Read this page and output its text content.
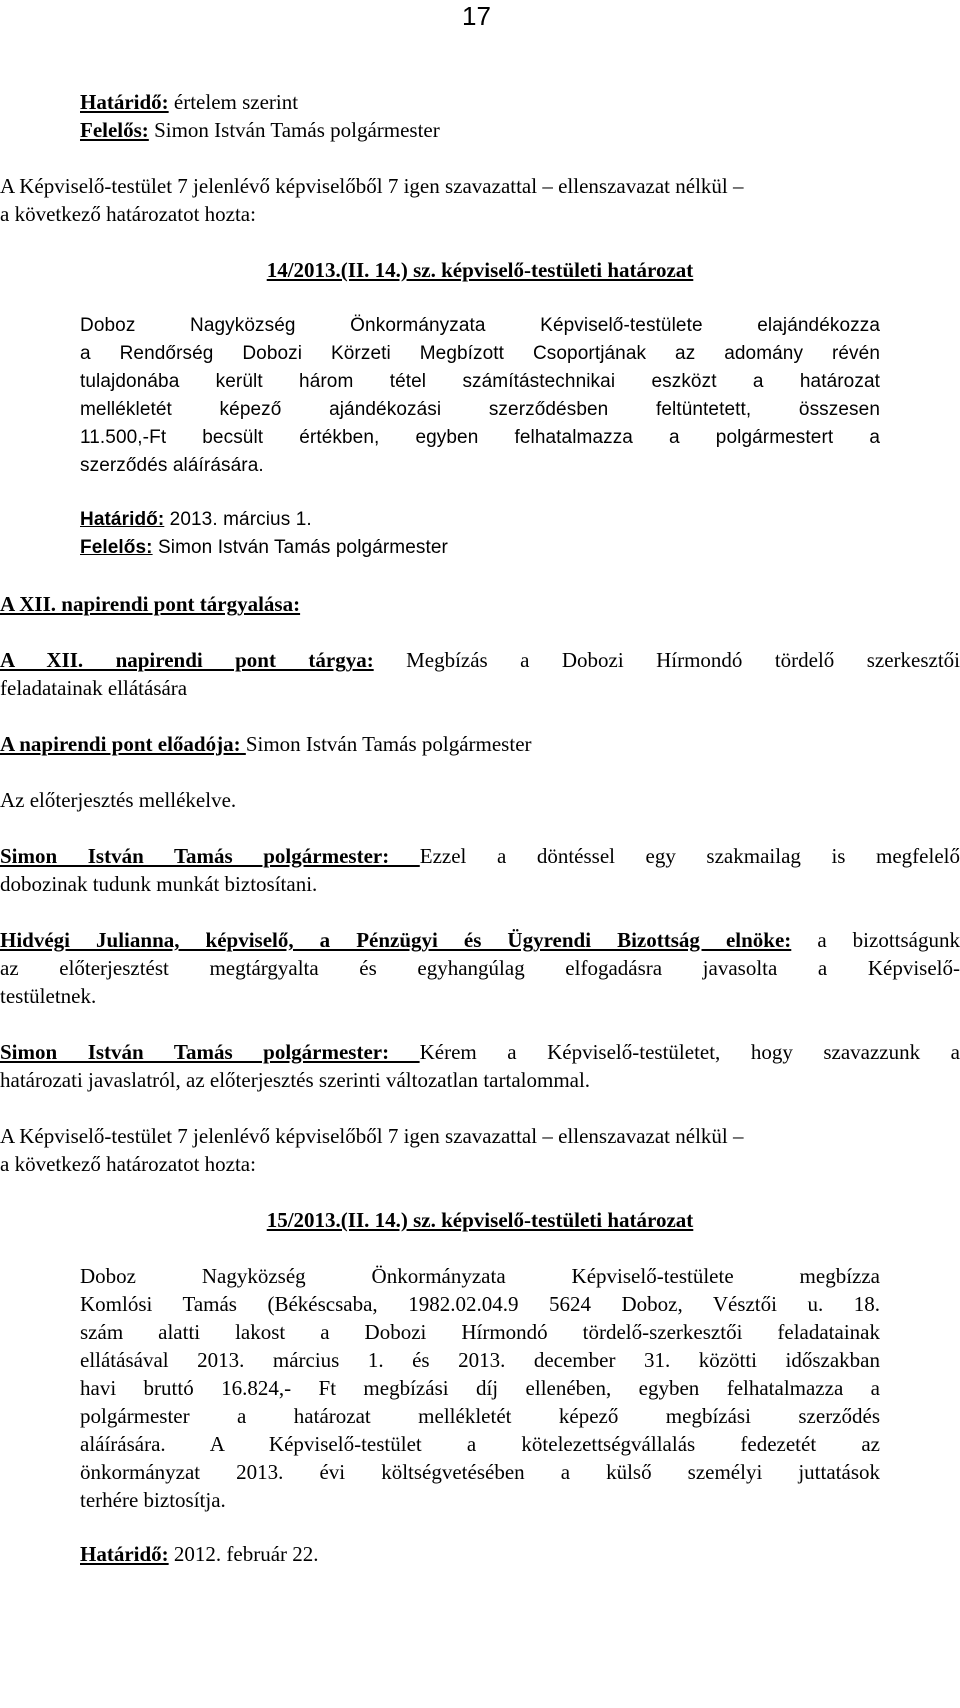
17
Határidő: értelem szerint
Felelős: Simon István Tamás polgármester
A Képviselő-testület 7 jelenlévő képviselőből 7 igen szavazattal – ellenszavazat nélkül –
a következő határozatot hozta:
14/2013.(II. 14.) sz. képviselő-testületi határozat
Doboz Nagyközség Önkormányzata Képviselő-testülete elajándékozza
a Rendőrség Dobozi Körzeti Megbízott Csoportjának az adomány révén
tulajdonába került három tétel számítástechnikai eszközt a határozat
mellékletét képező ajándékozási szerződésben feltüntetett, összesen
11.500,-Ft becsült értékben, egyben felhatalmazza a polgármestert a
szerződés aláírására.
Határidő: 2013. március 1.
Felelős: Simon István Tamás polgármester
A XII. napirendi pont tárgyalása:
A XII. napirendi pont tárgya: Megbízás a Dobozi Hírmondó tördelő szerkesztői
feladatainak ellátására
A napirendi pont előadója: Simon István Tamás polgármester
Az előterjesztés mellékelve.
Simon István Tamás polgármester: Ezzel a döntéssel egy szakmailag is megfelelő
dobozinak tudunk munkát biztosítani.
Hidvégi Julianna, képviselő, a Pénzügyi és Ügyrendi Bizottság elnöke: a bizottságunk
az előterjesztést megtárgyalta és egyhangúlag elfogadásra javasolta a Képviselő-
testületnek.
Simon István Tamás polgármester: Kérem a Képviselő-testületet, hogy szavazzunk a
határozati javaslatról, az előterjesztés szerinti változatlan tartalommal.
A Képviselő-testület 7 jelenlévő képviselőből 7 igen szavazattal – ellenszavazat nélkül –
a következő határozatot hozta:
15/2013.(II. 14.) sz. képviselő-testületi határozat
Doboz Nagyközség Önkormányzata Képviselő-testülete megbízza
Komlósi Tamás (Békéscsaba, 1982.02.04.9 5624 Doboz, Vésztői u. 18.
szám alatti lakost a Dobozi Hírmondó tördelő-szerkesztői feladatainak
ellátásával 2013. március 1. és 2013. december 31. közötti időszakban
havi bruttó 16.824,- Ft megbízási díj ellenében, egyben felhatalmazza a
polgármester a határozat mellékletét képező megbízási szerződés
aláírására. A Képviselő-testület a kötelezettségvállalás fedezetét az
önkormányzat 2013. évi költségvetésében a külső személyi juttatások
terhére biztosítja.
Határidő: 2012. február 22.
